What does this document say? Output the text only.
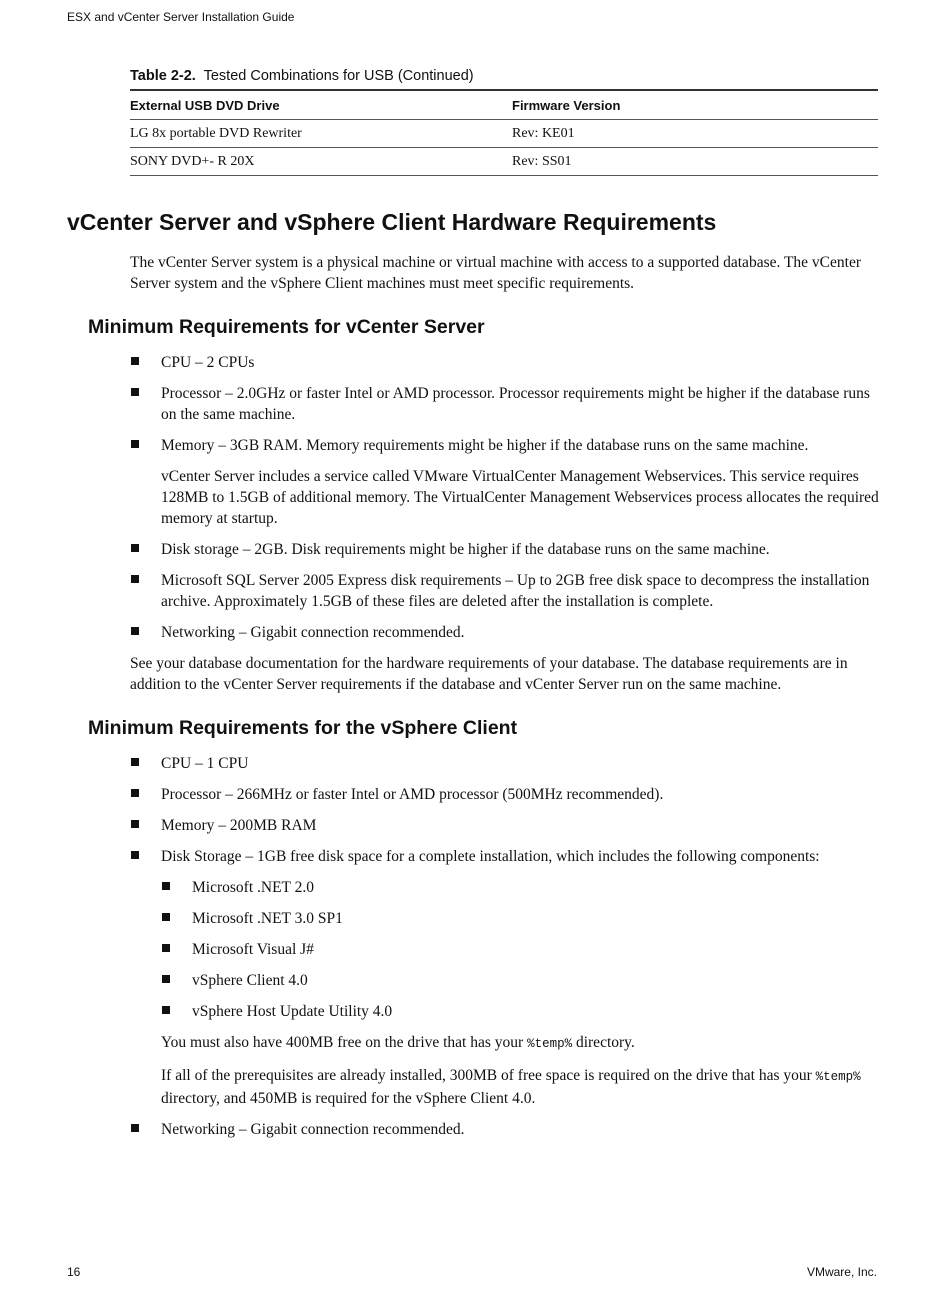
ESX and vCenter Server Installation Guide

Table 2-2. Tested Combinations for USB (Continued)

External USB DVD Drive	Firmware Version
LG 8x portable DVD Rewriter	Rev: KE01
SONY DVD+- R 20X	Rev: SS01
vCenter Server and vSphere Client Hardware Requirements

The vCenter Server system is a physical machine or virtual machine with access to a supported database. The vCenter Server system and the vSphere Client machines must meet specific requirements.

Minimum Requirements for vCenter Server
CPU – 2 CPUs
Processor – 2.0GHz or faster Intel or AMD processor. Processor requirements might be higher if the database runs on the same machine.
Memory – 3GB RAM. Memory requirements might be higher if the database runs on the same machine.

vCenter Server includes a service called VMware VirtualCenter Management Webservices. This service requires 128MB to 1.5GB of additional memory. The VirtualCenter Management Webservices process allocates the required memory at startup.

Disk storage – 2GB. Disk requirements might be higher if the database runs on the same machine.
Microsoft SQL Server 2005 Express disk requirements – Up to 2GB free disk space to decompress the installation archive. Approximately 1.5GB of these files are deleted after the installation is complete.
Networking – Gigabit connection recommended.

See your database documentation for the hardware requirements of your database. The database requirements are in addition to the vCenter Server requirements if the database and vCenter Server run on the same machine.

Minimum Requirements for the vSphere Client
CPU – 1 CPU
Processor – 266MHz or faster Intel or AMD processor (500MHz recommended).
Memory – 200MB RAM
Disk Storage – 1GB free disk space for a complete installation, which includes the following components:
Microsoft .NET 2.0
Microsoft .NET 3.0 SP1
Microsoft Visual J#
vSphere Client 4.0
vSphere Host Update Utility 4.0

You must also have 400MB free on the drive that has your %temp% directory.

If all of the prerequisites are already installed, 300MB of free space is required on the drive that has your %temp% directory, and 450MB is required for the vSphere Client 4.0.

Networking – Gigabit connection recommended.
16	VMware, Inc.
